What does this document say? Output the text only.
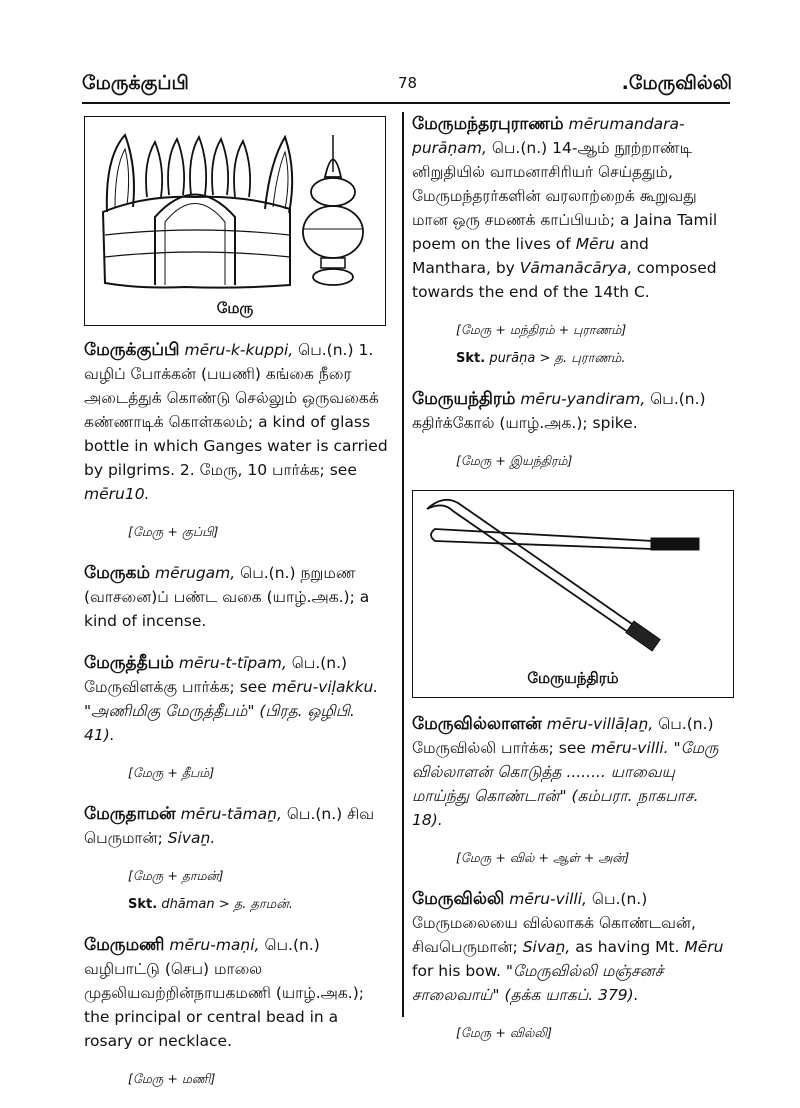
மேருக்குப்பி	78	.மேருவில்லி
மேரு
மேருக்குப்பி mēru-k-kuppi, பெ.(n.) 1. வழிப் போக்கன் (பயணி) கங்கை நீரை அடைத்துக் கொண்டு செல்லும் ஒருவகைக் கண்ணாடிக் கொள்கலம்; a kind of glass bottle in which Ganges water is carried by pilgrims. 2. மேரு, 10 பார்க்க; see mēru10.
[மேரு + குப்பி]
மேருகம் mērugam, பெ.(n.) நறுமண (வாசனை)ப் பண்ட வகை (யாழ்.அக.); a kind of incense.
மேருத்தீபம் mēru-t-tīpam, பெ.(n.) மேருவிளக்கு பார்க்க; see mēru-viḷakku. "அணிமிகு மேருத்தீபம்" (பிரத. ஒழிபி. 41).
[மேரு + தீபம்]
மேருதாமன் mēru-tāmaṉ, பெ.(n.) சிவ பெருமான்; Sivaṉ.
[மேரு + தாமன்]
Skt. dhāman > த. தாமன்.
மேருமணி mēru-maṇi, பெ.(n.) வழிபாட்டு (செப) மாலை முதலியவற்றின்நாயகமணி (யாழ்.அக.); the principal or central bead in a rosary or necklace.
[மேரு + மணி]
மேருமந்தரபுராணம் mērumandara-purāṇam, பெ.(n.) 14-ஆம் நூற்றாண்டி னிறுதியில் வாமனாசிரியர் செய்ததும், மேருமந்தரர்களின் வரலாற்றைக் கூறுவது மான ஒரு சமணக் காப்பியம்; a Jaina Tamil poem on the lives of Mēru and Manthara, by Vāmanācārya, composed towards the end of the 14th C.
[மேரு + மந்திரம் + புராணம்]
Skt. purāṇa > த. புராணம்.
மேருயந்திரம் mēru-yandiram, பெ.(n.) கதிர்க்கோல் (யாழ்.அக.); spike.
[மேரு + இயந்திரம்]
மேருயந்திரம்
மேருவில்லாளன் mēru-villāḷaṉ, பெ.(n.) மேருவில்லி பார்க்க; see mēru-villi. "மேரு வில்லாளன் கொடுத்த ........ யாவையு மாய்ந்து கொண்டான்" (கம்பரா. நாகபாச. 18).
[மேரு + வில் + ஆள் + அன்]
மேருவில்லி mēru-villi, பெ.(n.) மேருமலையை வில்லாகக் கொண்டவன், சிவபெருமான்; Sivaṉ, as having Mt. Mēru for his bow. "மேருவில்லி மஞ்சனச் சாலைவாய்" (தக்க யாகப். 379).
[மேரு + வில்லி]
